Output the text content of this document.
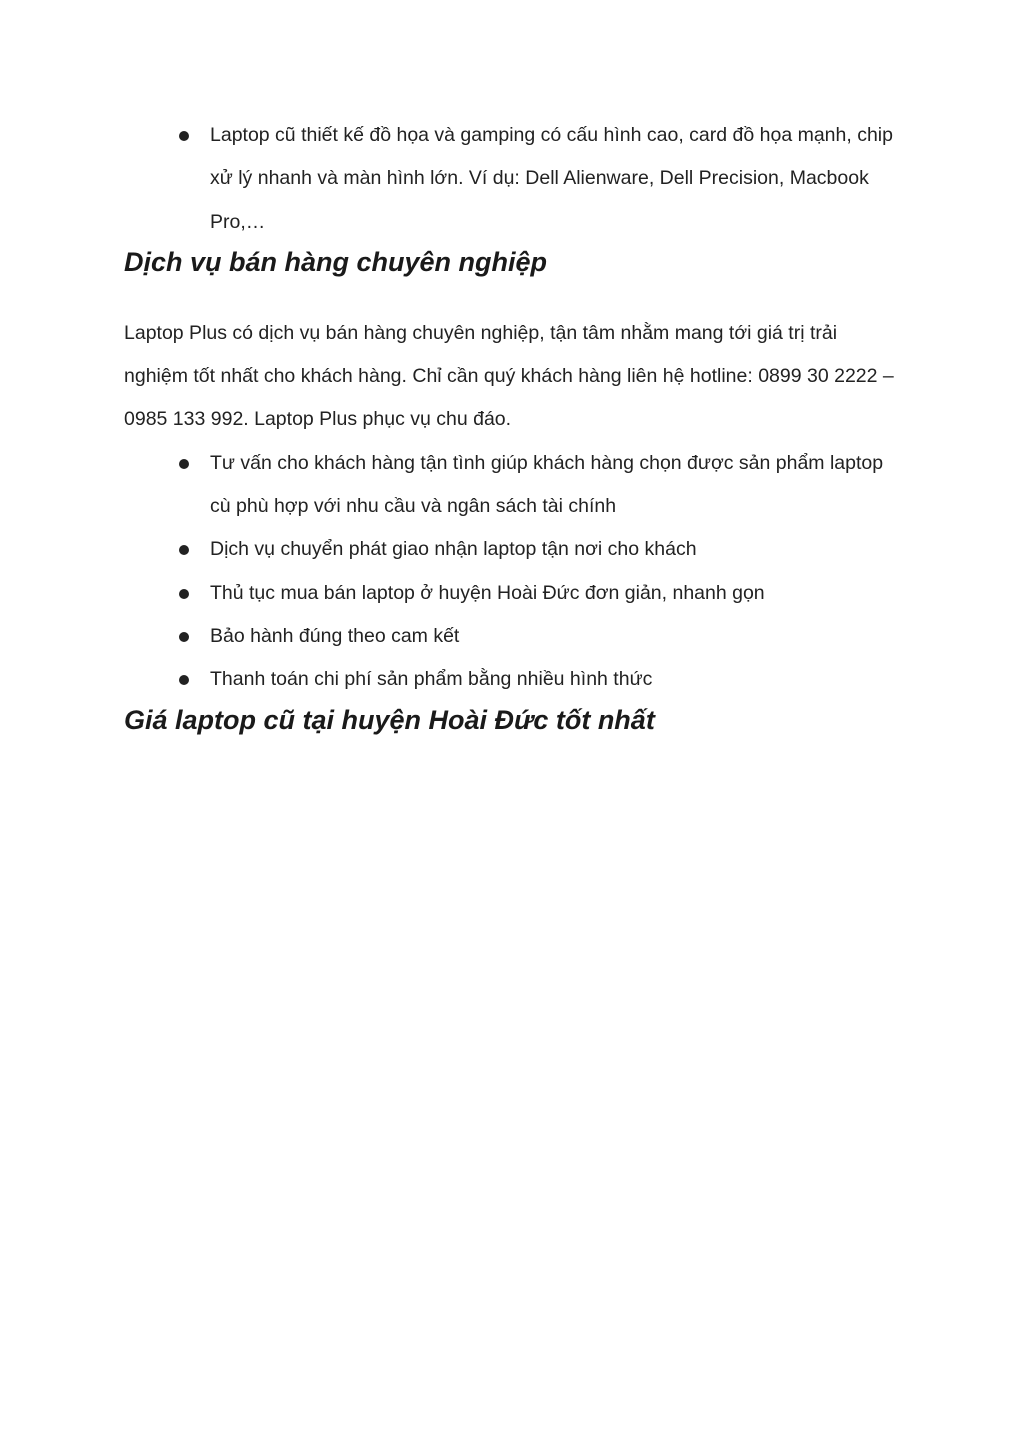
Laptop cũ thiết kế đồ họa và gamping có cấu hình cao, card đồ họa mạnh, chip xử lý nhanh và màn hình lớn. Ví dụ: Dell Alienware, Dell Precision, Macbook Pro,…
Dịch vụ bán hàng chuyên nghiệp

Laptop Plus có dịch vụ bán hàng chuyên nghiệp, tận tâm nhằm mang tới giá trị trải nghiệm tốt nhất cho khách hàng. Chỉ cần quý khách hàng liên hệ hotline: 0899 30 2222 – 0985 133 992. Laptop Plus phục vụ chu đáo.

Tư vấn cho khách hàng tận tình giúp khách hàng chọn được sản phẩm laptop cù phù hợp với nhu cầu và ngân sách tài chính
Dịch vụ chuyển phát giao nhận laptop tận nơi cho khách
Thủ tục mua bán laptop ở huyện Hoài Đức đơn giản, nhanh gọn
Bảo hành đúng theo cam kết
Thanh toán chi phí sản phẩm bằng nhiều hình thức
Giá laptop cũ tại huyện Hoài Đức tốt nhất
